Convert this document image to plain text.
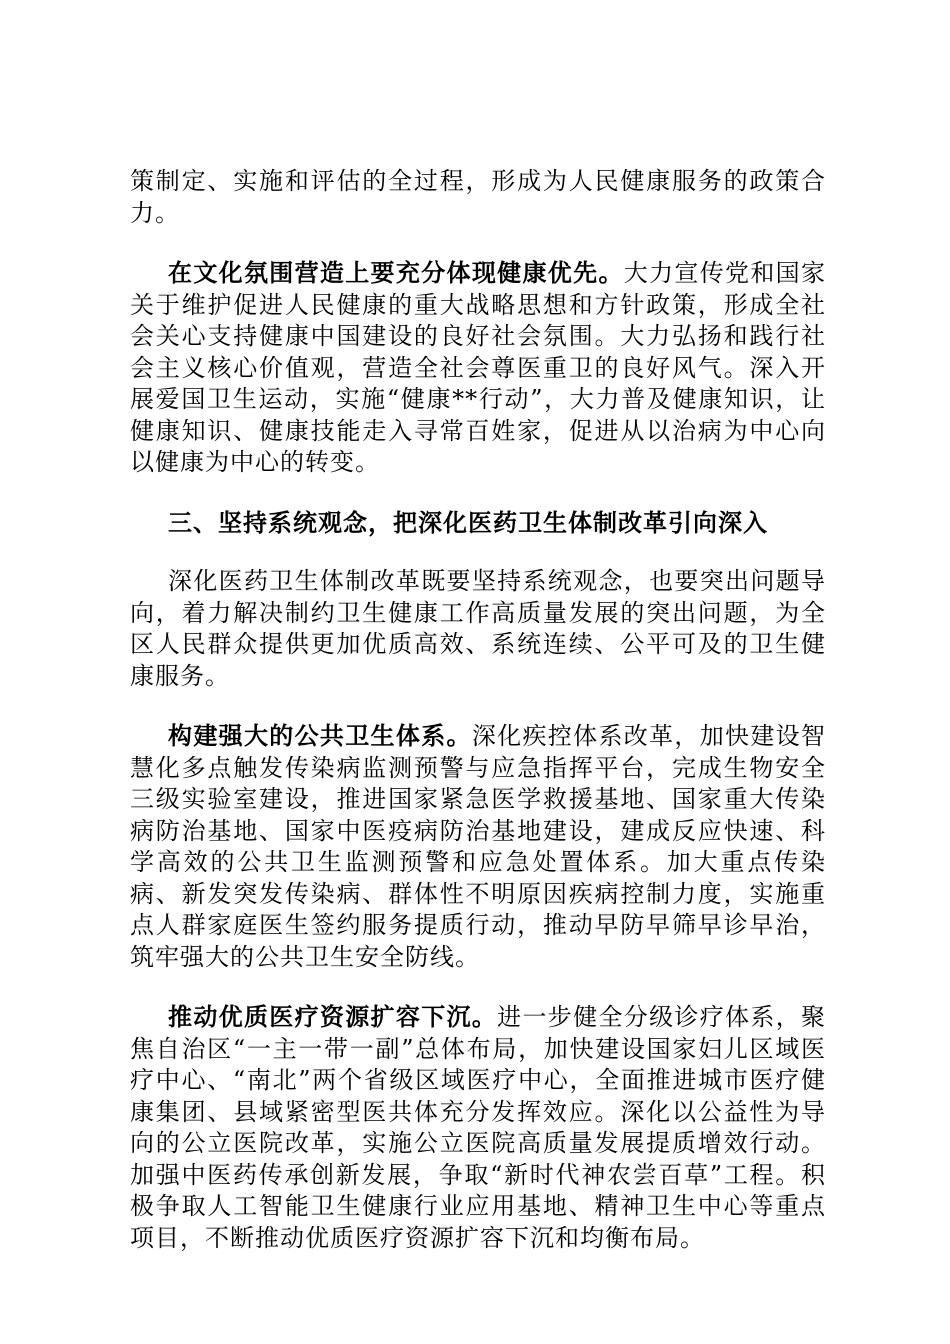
策制定、实施和评估的全过程，形成为人民健康服务的政策合力。

在文化氛围营造上要充分体现健康优先。大力宣传党和国家关于维护促进人民健康的重大战略思想和方针政策，形成全社会关心支持健康中国建设的良好社会氛围。大力弘扬和践行社会主义核心价值观，营造全社会尊医重卫的良好风气。深入开展爱国卫生运动，实施“健康**行动”，大力普及健康知识，让健康知识、健康技能走入寻常百姓家，促进从以治病为中心向以健康为中心的转变。

三、坚持系统观念，把深化医药卫生体制改革引向深入

深化医药卫生体制改革既要坚持系统观念，也要突出问题导向，着力解决制约卫生健康工作高质量发展的突出问题，为全区人民群众提供更加优质高效、系统连续、公平可及的卫生健康服务。

构建强大的公共卫生体系。深化疾控体系改革，加快建设智慧化多点触发传染病监测预警与应急指挥平台，完成生物安全三级实验室建设，推进国家紧急医学救援基地、国家重大传染病防治基地、国家中医疫病防治基地建设，建成反应快速、科学高效的公共卫生监测预警和应急处置体系。加大重点传染病、新发突发传染病、群体性不明原因疾病控制力度，实施重点人群家庭医生签约服务提质行动，推动早防早筛早诊早治，筑牢强大的公共卫生安全防线。

推动优质医疗资源扩容下沉。进一步健全分级诊疗体系，聚焦自治区“一主一带一副”总体布局，加快建设国家妇儿区域医疗中心、“南北”两个省级区域医疗中心，全面推进城市医疗健康集团、县域紧密型医共体充分发挥效应。深化以公益性为导向的公立医院改革，实施公立医院高质量发展提质增效行动。加强中医药传承创新发展，争取“新时代神农尝百草”工程。积极争取人工智能卫生健康行业应用基地、精神卫生中心等重点项目，不断推动优质医疗资源扩容下沉和均衡布局。
